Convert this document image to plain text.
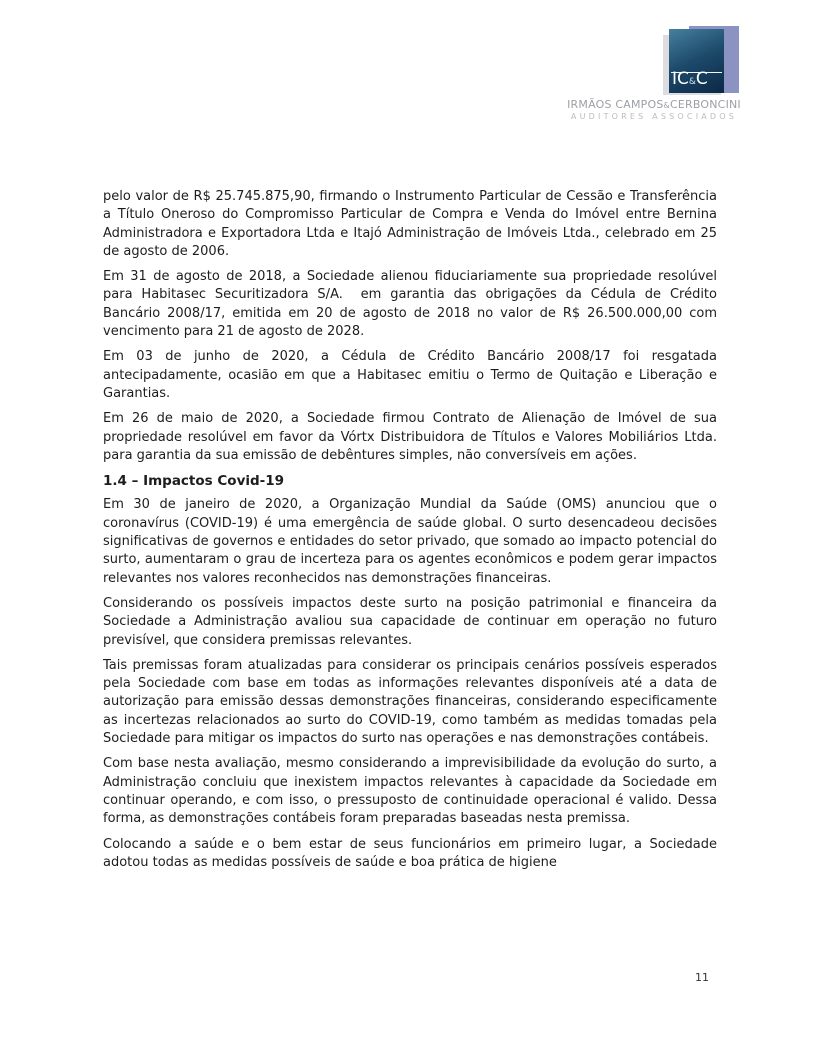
IC&C
IRMÃOS CAMPOS&CERBONCINI
AUDITORES ASSOCIADOS

pelo valor de R$ 25.745.875,90, firmando o Instrumento Particular de Cessão e Transferência a Título Oneroso do Compromisso Particular de Compra e Venda do Imóvel entre Bernina Administradora e Exportadora Ltda e Itajó Administração de Imóveis Ltda., celebrado em 25 de agosto de 2006.

Em 31 de agosto de 2018, a Sociedade alienou fiduciariamente sua propriedade resolúvel para Habitasec Securitizadora S/A.  em garantia das obrigações da Cédula de Crédito Bancário 2008/17, emitida em 20 de agosto de 2018 no valor de R$ 26.500.000,00 com vencimento para 21 de agosto de 2028.

Em 03 de junho de 2020, a Cédula de Crédito Bancário 2008/17 foi resgatada antecipadamente, ocasião em que a Habitasec emitiu o Termo de Quitação e Liberação e Garantias.

Em 26 de maio de 2020, a Sociedade firmou Contrato de Alienação de Imóvel de sua propriedade resolúvel em favor da Vórtx Distribuidora de Títulos e Valores Mobiliários Ltda. para garantia da sua emissão de debêntures simples, não conversíveis em ações.

1.4 – Impactos Covid-19

Em 30 de janeiro de 2020, a Organização Mundial da Saúde (OMS) anunciou que o coronavírus (COVID-19) é uma emergência de saúde global. O surto desencadeou decisões significativas de governos e entidades do setor privado, que somado ao impacto potencial do surto, aumentaram o grau de incerteza para os agentes econômicos e podem gerar impactos relevantes nos valores reconhecidos nas demonstrações financeiras.

Considerando os possíveis impactos deste surto na posição patrimonial e financeira da Sociedade a Administração avaliou sua capacidade de continuar em operação no futuro previsível, que considera premissas relevantes.

Tais premissas foram atualizadas para considerar os principais cenários possíveis esperados pela Sociedade com base em todas as informações relevantes disponíveis até a data de autorização para emissão dessas demonstrações financeiras, considerando especificamente as incertezas relacionados ao surto do COVID-19, como também as medidas tomadas pela Sociedade para mitigar os impactos do surto nas operações e nas demonstrações contábeis.

Com base nesta avaliação, mesmo considerando a imprevisibilidade da evolução do surto, a Administração concluiu que inexistem impactos relevantes à capacidade da Sociedade em continuar operando, e com isso, o pressuposto de continuidade operacional é valido. Dessa forma, as demonstrações contábeis foram preparadas baseadas nesta premissa.

Colocando a saúde e o bem estar de seus funcionários em primeiro lugar, a Sociedade adotou todas as medidas possíveis de saúde e boa prática de higiene

11
